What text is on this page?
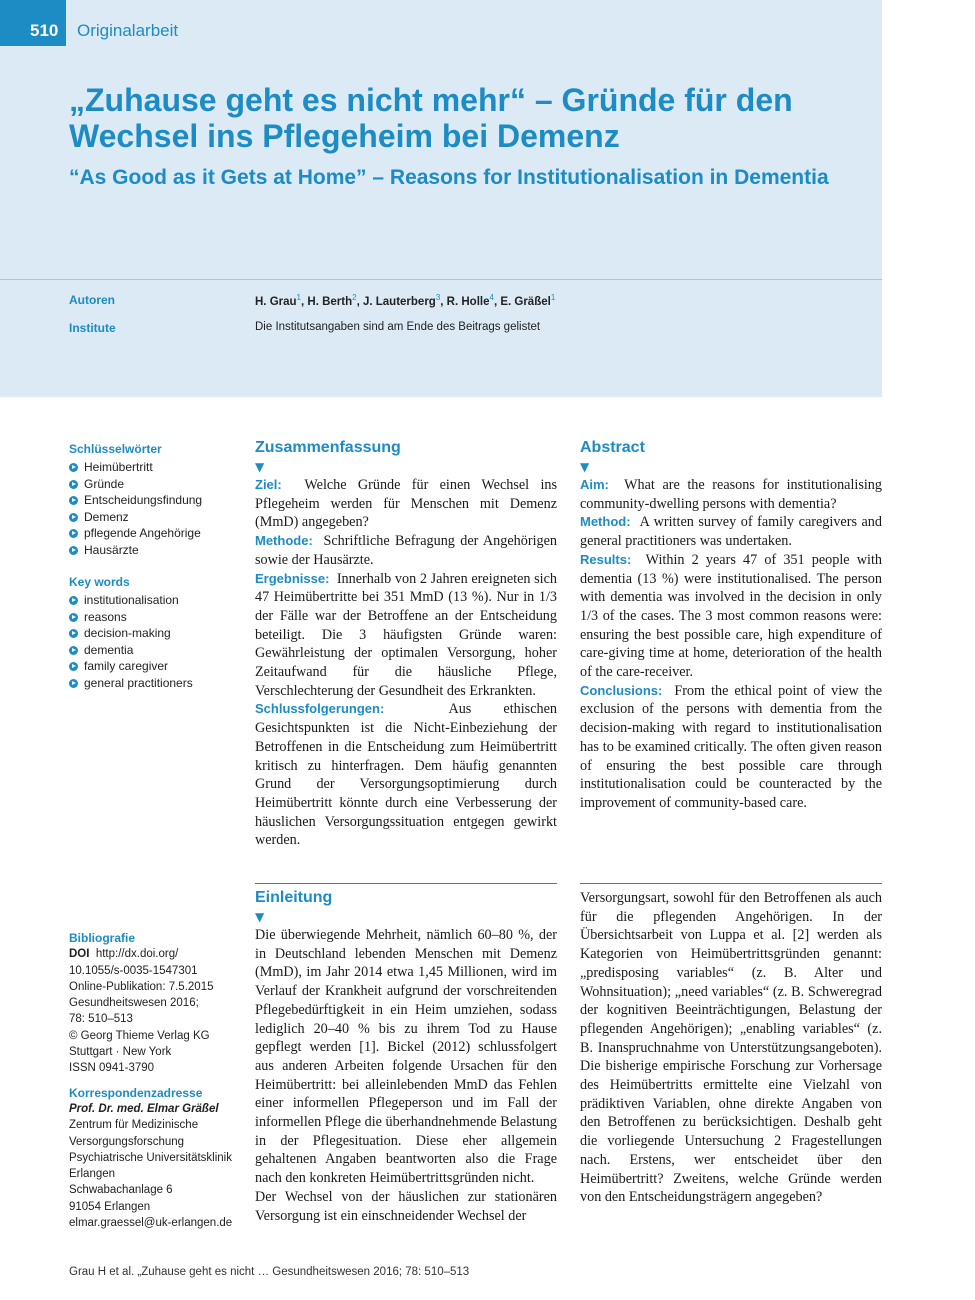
510	Originalarbeit
„Zuhause geht es nicht mehr“ – Gründe für den Wechsel ins Pflegeheim bei Demenz
“As Good as it Gets at Home” – Reasons for Institutionalisation in Dementia
Autoren	H. Grau$^1$, H. Berth$^2$, J. Lauterberg$^3$, R. Holle$^4$, E. Gräßel$^1$
Institute	Die Institutsangaben sind am Ende des Beitrags gelistet
Schlüsselwörter
Heimübertritt
Gründe
Entscheidungsfindung
Demenz
pflegende Angehörige
Hausärzte
Key words
institutionalisation
reasons
decision-making
dementia
family caregiver
general practitioners
Zusammenfassung
▼

Ziel: Welche Gründe für einen Wechsel ins Pflegeheim werden für Menschen mit Demenz (MmD) angegeben?
Methode: Schriftliche Befragung der Angehörigen sowie der Hausärzte.
Ergebnisse: Innerhalb von 2 Jahren ereigneten sich 47 Heimübertritte bei 351 MmD (13 %). Nur in 1/3 der Fälle war der Betroffene an der Entscheidung beteiligt. Die 3 häufigsten Gründe waren: Gewährleistung der optimalen Versorgung, hoher Zeitaufwand für die häusliche Pflege, Verschlechterung der Gesundheit des Erkrankten.
Schlussfolgerungen:	Aus ethischen Gesichtspunkten ist die Nicht-Einbeziehung der Betroffenen in die Entscheidung zum Heimübertritt kritisch zu hinterfragen. Dem häufig genannten Grund der Versorgungsoptimierung durch Heimübertritt könnte durch eine Verbesserung der häuslichen Versorgungssituation entgegen gewirkt werden.

Abstract
▼

Aim: What are the reasons for institutionalising community-dwelling persons with dementia?
Method: A written survey of family caregivers and general practitioners was undertaken.
Results: Within 2 years 47 of 351 people with dementia (13 %) were institutionalised. The person with dementia was involved in the decision in only 1/3 of the cases. The 3 most common reasons were: ensuring the best possible care, high expenditure of care-giving time at home, deterioration of the health of the care-receiver.
Conclusions: From the ethical point of view the exclusion of the persons with dementia from the decision-making with regard to institutionalisation has to be examined critically. The often given reason of ensuring the best possible care through institutionalisation could be counteracted by the improvement of community-based care.

Einleitung
▼

Die überwiegende Mehrheit, nämlich 60–80 %, der in Deutschland lebenden Menschen mit Demenz (MmD), im Jahr 2014 etwa 1,45 Millionen, wird im Verlauf der Krankheit aufgrund der vorschreitenden Pflegebedürftigkeit in ein Heim umziehen, sodass lediglich 20–40 % bis zu ihrem Tod zu Hause gepflegt werden [1]. Bickel (2012) schlussfolgert aus anderen Arbeiten folgende Ursachen für den Heimübertritt: bei alleinlebenden MmD das Fehlen einer informellen Pflegeperson und im Fall der informellen Pflege die überhandnehmende Belastung in der Pflegesituation. Diese eher allgemein gehaltenen Angaben beantworten also die Frage nach den konkreten Heimübertrittsgründen nicht.

Der Wechsel von der häuslichen zur stationären Versorgung ist ein einschneidender Wechsel der

Versorgungsart, sowohl für den Betroffenen als auch für die pflegenden Angehörigen. In der Übersichtsarbeit von Luppa et al. [2] werden als Kategorien von Heimübertrittsgründen genannt: „predisposing variables“ (z. B. Alter und Wohnsituation); „need variables“ (z. B. Schweregrad der kognitiven Beeinträchtigungen, Belastung der pflegenden Angehörigen); „enabling variables“ (z. B. Inanspruchnahme von Unterstützungsangeboten). Die bisherige empirische Forschung zur Vorhersage des Heimübertritts ermittelte eine Vielzahl von prädiktiven Variablen, ohne direkte Angaben von den Betroffenen zu berücksichtigen. Deshalb geht die vorliegende Untersuchung 2 Fragestellungen nach. Erstens, wer entscheidet über den Heimübertritt? Zweitens, welche Gründe werden von den Entscheidungsträgern angegeben?

Bibliografie
DOI http://dx.doi.org/
10.1055/s-0035-1547301
Online-Publikation: 7.5.2015
Gesundheitswesen 2016;
78: 510–513
© Georg Thieme Verlag KG
Stuttgart · New York
ISSN 0941-3790
Korrespondenzadresse
Prof. Dr. med. Elmar Gräßel
Zentrum für Medizinische
Versorgungsforschung
Psychiatrische Universitätsklinik
Erlangen
Schwabachanlage 6
91054 Erlangen
elmar.graessel@uk-erlangen.de
Grau H et al. „Zuhause geht es nicht … Gesundheitswesen 2016; 78: 510–513
